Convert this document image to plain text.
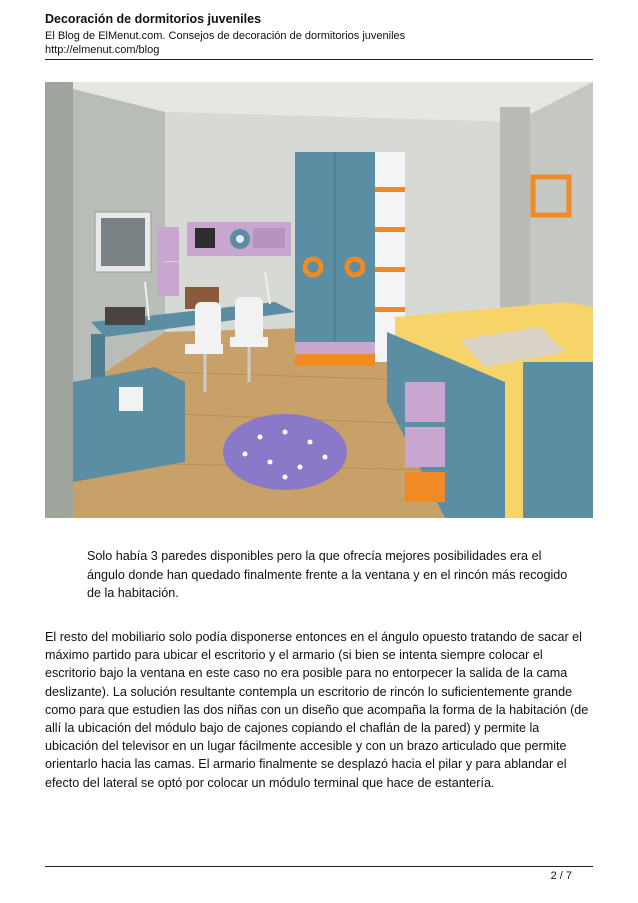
Decoración de dormitorios juveniles
El Blog de ElMenut.com. Consejos de decoración de dormitorios juveniles
http://elmenut.com/blog
Solo había 3 paredes disponibles pero la que ofrecía mejores posibilidades era el ángulo donde han quedado finalmente frente a la ventana y en el rincón más recogido de la habitación.
El resto del mobiliario solo podía disponerse entonces en el ángulo opuesto tratando de sacar el máximo partido para ubicar el escritorio y el armario (si bien se intenta siempre colocar el escritorio bajo la ventana en este caso no era posible para no entorpecer la salida de la cama deslizante). La solución resultante contempla un escritorio de rincón lo suficientemente grande como para que estudien las dos niñas con un diseño que acompaña la forma de la habitación (de allí la ubicación del módulo bajo de cajones copiando el chaflán de la pared) y permite la ubicación del televisor en un lugar fácilmente accesible y con un brazo articulado que permite orientarlo hacia las camas. El armario finalmente se desplazó hacia el pilar y para ablandar el efecto del lateral se optó por colocar un módulo terminal que hace de estantería.
2 / 7
